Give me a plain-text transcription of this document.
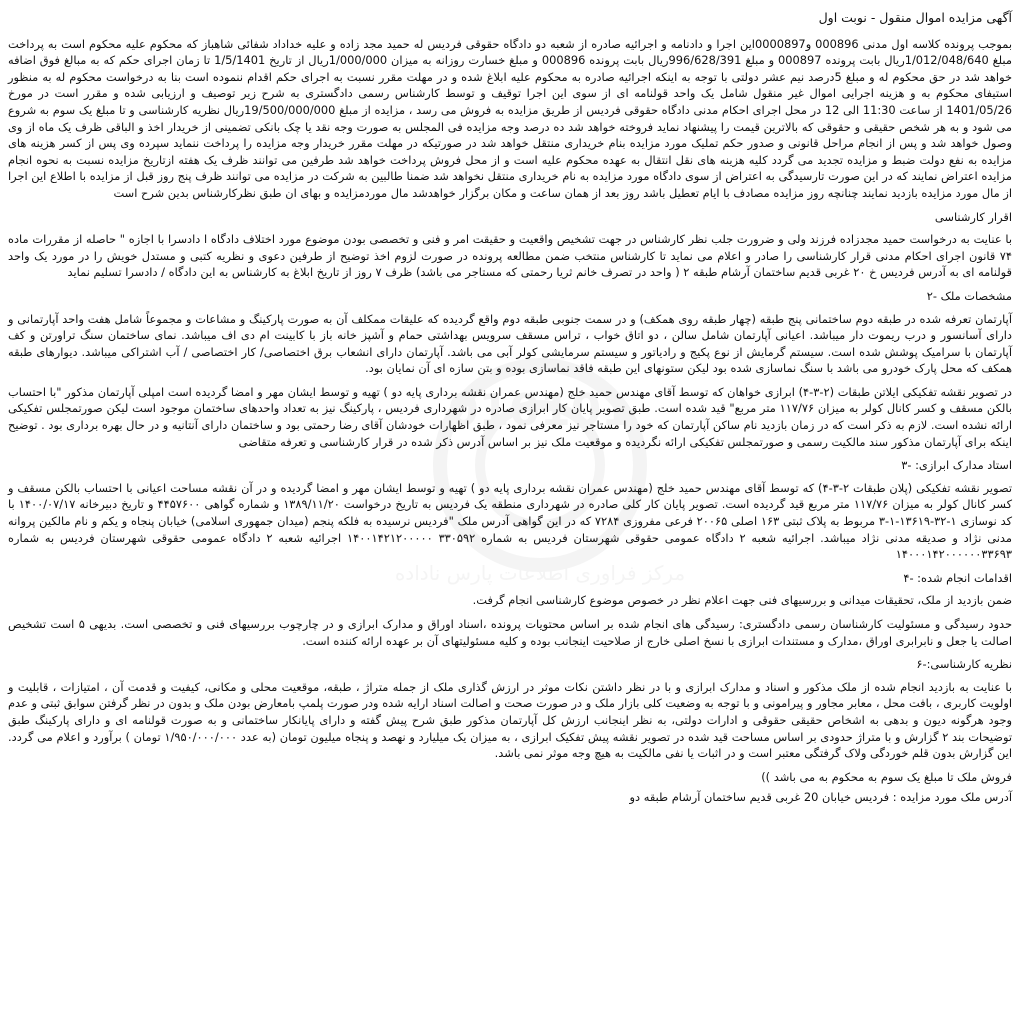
010101
مرکز فراوری اطلاعات پارس ناداده
آگهی مزایده اموال منقول - نوبت اول
بموجب پرونده کلاسه اول مدنی 000896 و0000897این اجرا و دادنامه و اجرائیه صادره از شعبه دو دادگاه حقوقی فردیس له حمید مجد زاده و علیه خداداد شفائی شاهباز که محکوم علیه محکوم است به پرداخت مبلغ 1/012/048/640ریال بابت پرونده 000897 و مبلغ 996/628/391ریال بابت پرونده 000896 و مبلغ خسارت روزانه به میزان 1/000/000ریال از تاریخ 1/5/1401 تا زمان اجرای حکم که به مبالغ فوق اضافه خواهد شد در حق محکوم له و مبلغ 5درصد نیم عشر دولتی با توجه به اینکه اجرائیه صادره به محکوم علیه ابلاغ شده و در مهلت مقرر نسبت به اجرای حکم اقدام ننموده است بنا به درخواست محکوم له به منظور استیفای محکوم به و هزینه اجرایی اموال غیر منقول شامل یک واحد قولنامه ای از سوی این اجرا توقیف و توسط کارشناس رسمی دادگستری به شرح زیر توصیف و ارزیابی شده و مقرر است در مورخ 1401/05/26 از ساعت 11:30 الی 12 در محل اجرای احکام مدنی دادگاه حقوقی فردیس از طریق مزایده به فروش می رسد ، مزایده از مبلغ 19/500/000/000ریال نظریه کارشناسی و تا مبلغ یک سوم به شروع می شود و به هر شخص حقیقی و حقوقی که بالاترین قیمت را پیشنهاد نماید فروخته خواهد شد ده درصد وجه مزایده فی المجلس به صورت وجه نقد یا چک بانکی تضمینی از خریدار اخذ و الباقی ظرف یک ماه از وی وصول خواهد شد و پس از انجام مراحل قانونی و صدور حکم تملیک مورد مزایده بنام خریداری منتقل خواهد شد در صورتیکه در مهلت مقرر خریدار وجه مزایده را پرداخت ننماید سپرده وی پس از کسر هزینه های مزایده به نفع دولت ضبط و مزایده تجدید می گردد کلیه هزینه های نقل انتقال به عهده محکوم علیه است و از محل فروش پرداخت خواهد شد طرفین می توانند ظرف یک هفته ازتاریخ مزایده نسبت به نحوه انجام مزایده اعتراض نمایند که در این صورت تارسیدگی به اعتراض از سوی دادگاه مورد مزایده به نام خریداری منتقل نخواهد شد ضمنا طالبین به شرکت در مزایده می توانند ظرف پنج روز قبل از مزایده با اطلاع این اجرا از مال مورد مزایده بازدید نمایند چنانچه روز مزایده مصادف با ایام تعطیل باشد روز بعد از همان ساعت و مکان برگزار خواهدشد مال موردمزایده و بهای ان طبق نظرکارشناس بدین شرح است
اقرار کارشناسی
با عنایت به درخواست حمید مجدزاده فرزند ولی و ضرورت جلب نظر کارشناس در جهت تشخیص واقعیت و حقیقت امر و فنی و تخصصی بودن موضوع مورد اختلاف دادگاه ا دادسرا با اجازه " حاصله از مقررات ماده ۷۴ قانون اجرای احکام مدنی قرار کارشناسی را صادر و اعلام می نماید تا کارشناس منتخب ضمن مطالعه پرونده در صورت لزوم اخذ توضیح از طرفین دعوی و نظریه کتبی و مستدل خویش را در مورد یک واحد قولنامه ای به آدرس فردیس خ ۲۰ غربی قدیم ساختمان آرشام طبقه ۲ ( واحد در تصرف خانم ثریا رحمتی که مستاجر می باشد) ظرف ۷ روز از تاریخ ابلاغ به کارشناس به این دادگاه / دادسرا تسلیم نماید
مشخصات ملک -۲
آپارتمان تعرفه شده در طبقه دوم ساختمانی پنج طبقه (چهار طبقه روی همکف) و در سمت جنوبی طبقه دوم واقع گردیده که علیقات ممکلف آن به صورت پارکینگ و مشاعات و مجموعاً شامل هفت واحد آپارتمانی و دارای آسانسور و درب ریموت دار میباشد. اعیانی آپارتمان شامل سالن ، دو اتاق خواب ، تراس مسقف سرویس بهداشتی حمام و آشپز خانه باز با کابینت ام دی اف میباشد. نمای ساختمان سنگ تراورتن و کف آپارتمان با سرامیک پوشش شده است. سیستم گرمایش از نوع پکیج و رادیاتور و سیستم سرمایشی کولر آبی می باشد. آپارتمان دارای انشعاب برق اختصاصی/ کار اختصاصی / آب اشتراکی میباشد. دیوارهای طبقه همکف که محل پارک خودرو می باشد با سنگ نماسازی شده بود لیکن ستونهای این طبقه فاقد نماسازی بوده و بتن سازه ای آن نمایان بود.
در تصویر نقشه تفکیکی ایلاتن طبقات (۲-۳-۴) ابرازی خواهان که توسط آقای مهندس حمید خلج (مهندس عمران نقشه برداری پایه دو ) تهیه و توسط ایشان مهر و امضا گردیده است امپلی آپارتمان مذکور "با احتساب بالکن مسقف و کسر کانال کولر به میزان ۱۱۷/۷۶ متر مربع" قید شده است. طبق تصویر پایان کار ابرازی صادره در شهرداری فردیس ، پارکینگ نیز به تعداد واحدهای ساختمان موجود است لیکن صورتمجلس تفکیکی ارائه نشده است. لازم به ذکر است که در زمان بازدید نام ساکن آپارتمان که خود را مستاجر نیز معرفی نمود ، طبق اظهارات خودشان آقای رضا رحمتی بود و ساختمان دارای آنتانیه و در حال بهره برداری بود . توضیح اینکه برای آپارتمان مذکور سند مالکیت رسمی و صورتمجلس تفکیکی ارائه نگردیده و موقعیت ملک نیز بر اساس آدرس ذکر شده در قرار کارشناسی و تعرفه متقاضی
استاد مدارک ابرازی: -۳
تصویر نقشه تفکیکی (پلان طبقات ۲-۳-۴) که توسط آقای مهندس حمید خلج (مهندس عمران نقشه برداری پایه دو ) تهیه و توسط ایشان مهر و امضا گردیده و در آن نقشه مساحت اعیانی با احتساب بالکن مسقف و کسر کانال کولر به میزان ۱۱۷/۷۶ متر مربع قید گردیده است. تصویر پایان کار کلی صادره در شهرداری منطقه یک فردیس به تاریخ درخواست ۱۳۸۹/۱۱/۲۰ و شماره گواهی ۴۴۵۷۶۰۰ و تاریخ دبیرخانه ۱۴۰۰/۰۷/۱۷ با کد نوسازی ۱-۳۲-۱۳۶۱۹-۱-۳ مربوط به پلاک ثبتی ۱۶۳ اصلی ۲۰۰۶۵ فرعی مفروزی ۷۲۸۴ که در این گواهی آدرس ملک "فردیس نرسیده به فلکه پنجم (میدان جمهوری اسلامی) خیابان پنجاه و یکم و نام مالکین پروانه مدنی نژاد و صدیقه مدنی نژاد میباشد. اجرائیه شعبه ۲ دادگاه عمومی حقوقی شهرستان فردیس به شماره ۳۳۰۵۹۲ ۱۴۰۰۱۴۲۱۲۰۰۰۰۰ اجرائیه شعبه ۲ دادگاه عمومی حقوقی شهرستان فردیس به شماره ۱۴۰۰۰۱۴۲۰۰۰۰۰۰۳۳۶۹۳
اقدامات انجام شده: -۴
ضمن بازدید از ملک، تحقیقات میدانی و بررسیهای فنی جهت اعلام نظر در خصوص موضوع کارشناسی انجام گرفت.
حدود رسیدگی و مسئولیت کارشناسان رسمی دادگستری: رسیدگی های انجام شده بر اساس محتویات پرونده ،اسناد اوراق و مدارک ابرازی و در چارچوب بررسیهای فنی و تخصصی است. بدیهی ۵ است تشخیص اصالت یا جعل و نابرابری اوراق ،مدارک و مستندات ابرازی با نسخ اصلی خارج از صلاحیت اینجانب بوده و کلیه مسئولیتهای آن بر عهده ارائه کننده است.
نظریه کارشناسی:-۶
با عنایت به بازدید انجام شده از ملک مذکور و اسناد و مدارک ابرازی و با در نظر داشتن نکات موثر در ارزش گذاری ملک از جمله متراژ ، طبقه، موقعیت محلی و مکانی، کیفیت و قدمت آن ، امتیازات ، قابلیت و اولویت کاربری ، بافت محل ، معابر مجاور و پیرامونی و با توجه به وضعیت کلی بازار ملک و در صورت صحت و اصالت اسناد ارایه شده ودر صورت پلمپ بامعارض بودن ملک و بدون در نظر گرفتن سوابق ثبتی و عدم وجود هرگونه دیون و بدهی به اشخاص حقیقی حقوقی و ادارات دولتی، به نظر اینجانب ارزش کل آپارتمان مذکور طبق شرح پیش گفته و دارای پایانکار ساختمانی و به صورت قولنامه ای و دارای پارکینگ طبق توضیحات بند ۲ گزارش و با متراژ حدودی بر اساس مساحت قید شده در تصویر نقشه پیش تفکیک ابرازی ، به میزان یک میلیارد و نهصد و پنجاه میلیون تومان (به عدد ۱/۹۵۰/۰۰۰/۰۰۰ تومان ) برآورد و اعلام می گردد. این گزارش بدون قلم خوردگی ولاک گرفتگی معتبر است و در اثبات یا نفی مالکیت به هیچ وجه موثر نمی باشد.
فروش ملک تا مبلغ یک سوم به محکوم به می باشد ))
آدرس ملک مورد مزایده : فردیس خیابان 20 غربی قدیم ساختمان آرشام طبقه دو
